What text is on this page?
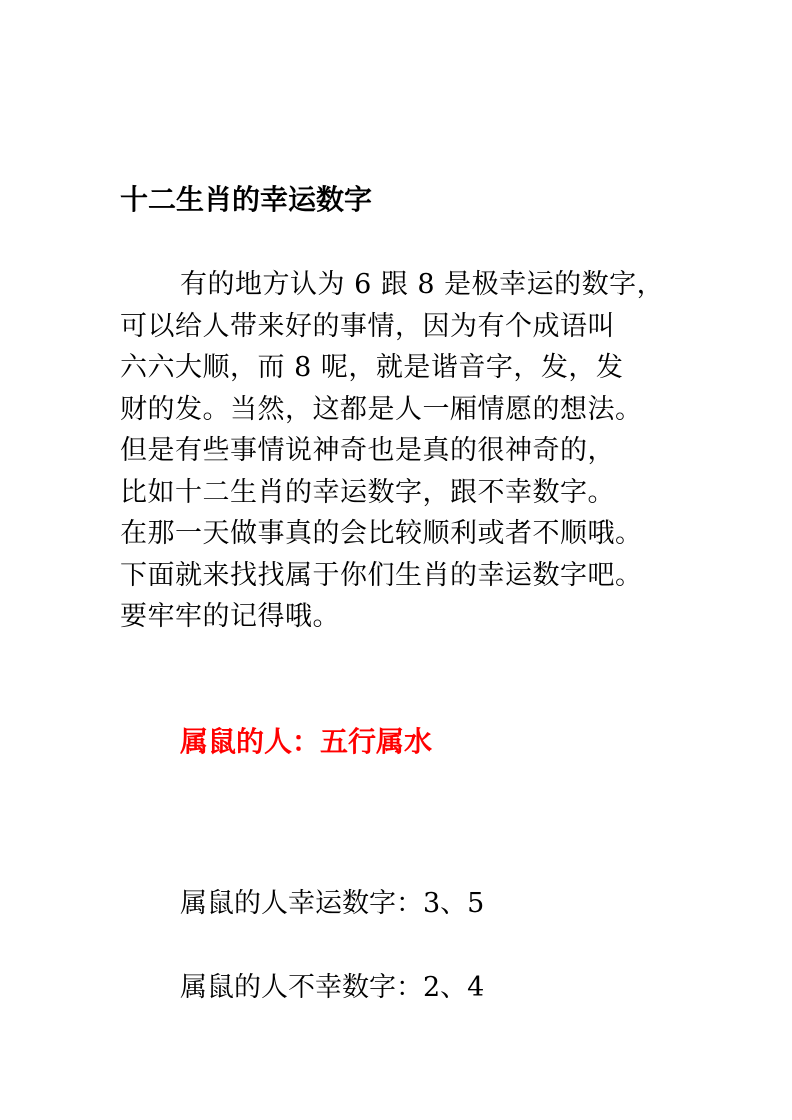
十二生肖的幸运数字
有的地方认为 6 跟 8 是极幸运的数字，
可以给人带来好的事情，因为有个成语叫
六六大顺，而 8 呢，就是谐音字，发，发
财的发。当然，这都是人一厢情愿的想法。
但是有些事情说神奇也是真的很神奇的，
比如十二生肖的幸运数字，跟不幸数字。
在那一天做事真的会比较顺利或者不顺哦。
下面就来找找属于你们生肖的幸运数字吧。
要牢牢的记得哦。
属鼠的人：五行属水
属鼠的人幸运数字：3、5
属鼠的人不幸数字：2、4
